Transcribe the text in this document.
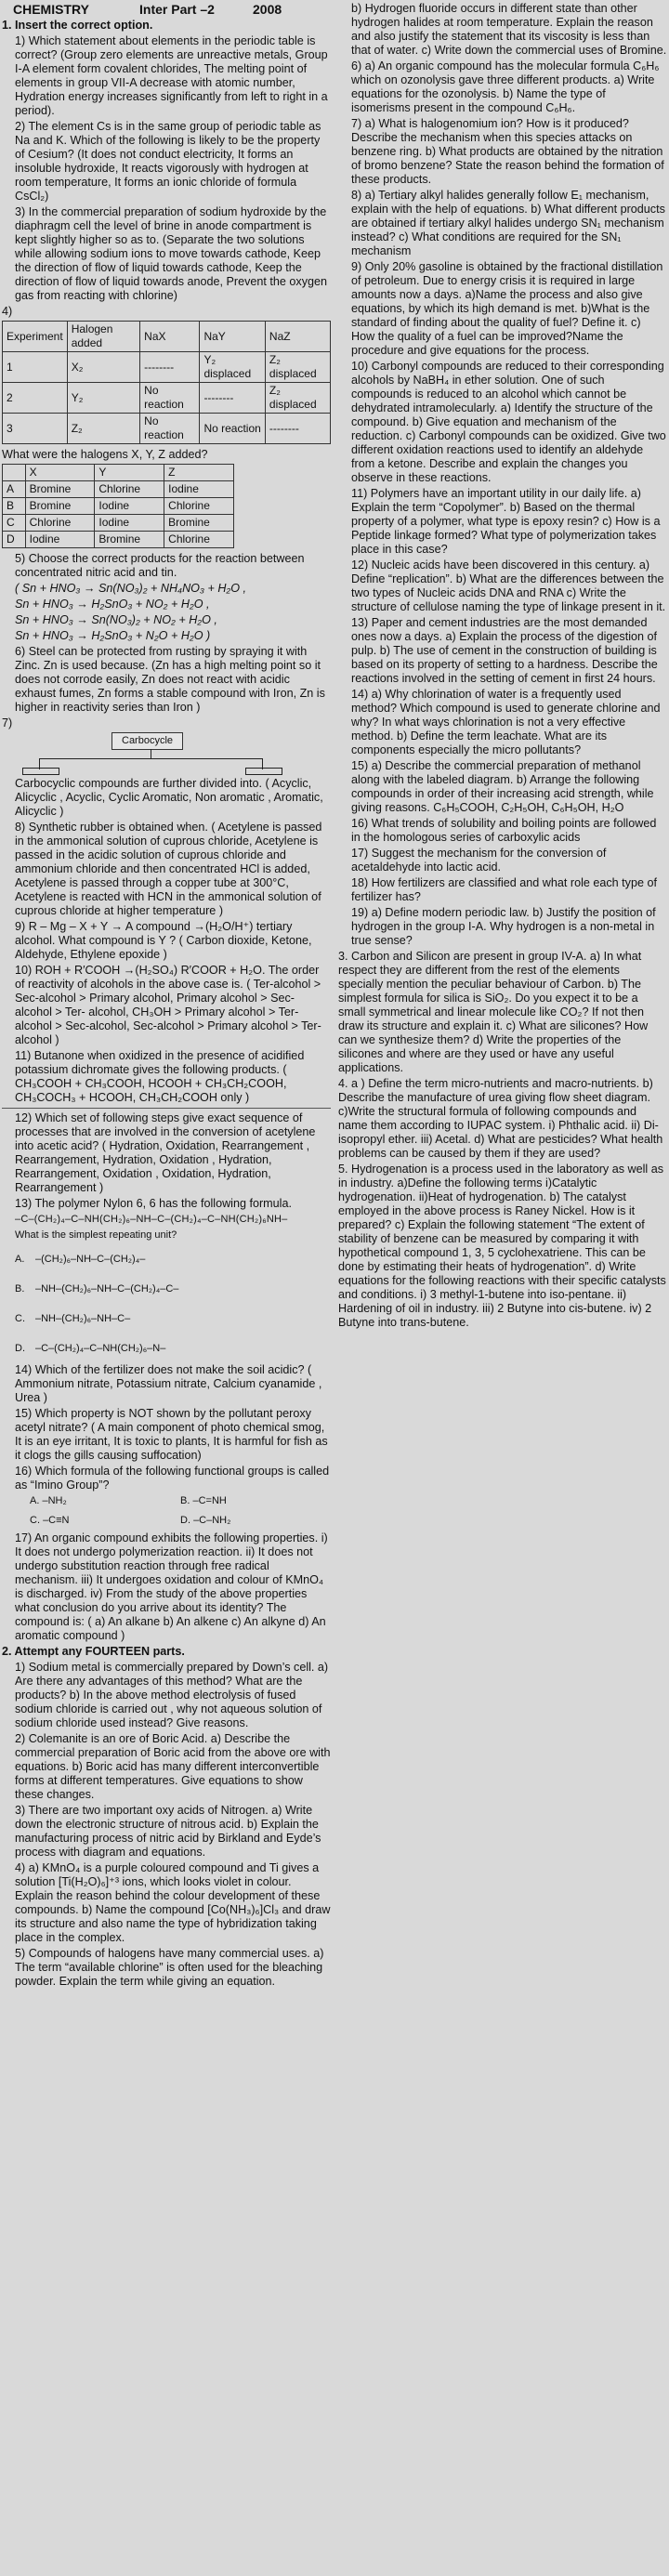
CHEMISTRY	Inter Part –2	2008
1. Insert the correct option.
1) Which statement about elements in the periodic table is correct? (Group zero elements are unreactive metals, Group I-A element form covalent chlorides, The melting point of elements in group VII-A decrease with atomic number, Hydration energy increases significantly from left to right in a period).
2) The element Cs is in the same group of periodic table as Na and K. Which of the following is likely to be the property of Cesium? (It does not conduct electricity, It forms an insoluble hydroxide, It reacts vigorously with hydrogen at room temperature, It forms an ionic chloride of formula CsCl₂)
3) In the commercial preparation of sodium hydroxide by the diaphragm cell the level of brine in anode compartment is kept slightly higher so as to. (Separate the two solutions while allowing sodium ions to move towards cathode, Keep the direction of flow of liquid towards cathode, Keep the direction of flow of liquid towards anode, Prevent the oxygen gas from reacting with chlorine)
4)
Experiment	Halogen added	NaX	NaY	NaZ
1	X₂	--------	Y₂ displaced	Z₂ displaced
2	Y₂	No reaction	--------	Z₂ displaced
3	Z₂	No reaction	No reaction	--------
What were the halogens X, Y, Z added?
	X	Y	Z
A	Bromine	Chlorine	Iodine
B	Bromine	Iodine	Chlorine
C	Chlorine	Iodine	Bromine
D	Iodine	Bromine	Chlorine
5) Choose the correct products for the reaction between concentrated nitric acid and tin.
( Sn + HNO₃ → Sn(NO₃)₂ + NH₄NO₃ + H₂O ,
Sn + HNO₃ → H₂SnO₃ + NO₂ + H₂O ,
Sn + HNO₃ → Sn(NO₃)₂ + NO₂ + H₂O ,
Sn + HNO₃ → H₂SnO₃ + N₂O + H₂O )
6) Steel can be protected from rusting by spraying it with Zinc. Zn is used because. (Zn has a high melting point so it does not corrode easily, Zn does not react with acidic exhaust fumes, Zn forms a stable compound with Iron, Zn is higher in reactivity series than Iron )
7)
Carbocycle
Carbocyclic compounds are further divided into. ( Acyclic, Alicyclic , Acyclic, Cyclic Aromatic, Non aromatic , Aromatic, Alicyclic )
8) Synthetic rubber is obtained when. ( Acetylene is passed in the ammonical solution of cuprous chloride, Acetylene is passed in the acidic solution of cuprous chloride and ammonium chloride and then concentrated HCl is added, Acetylene is passed through a copper tube at 300°C, Acetylene is reacted with HCN in the ammonical solution of cuprous chloride at higher temperature )
9) R – Mg – X + Y → A compound →(H₂O/H⁺) tertiary alcohol. What compound is Y ? ( Carbon dioxide, Ketone, Aldehyde, Ethylene epoxide )
10) ROH + R′COOH →(H₂SO₄) R′COOR + H₂O. The order of reactivity of alcohols in the above case is. ( Ter-alcohol > Sec-alcohol > Primary alcohol, Primary alcohol > Sec-alcohol > Ter- alcohol, CH₃OH > Primary alcohol > Ter-alcohol > Sec-alcohol, Sec-alcohol > Primary alcohol > Ter-alcohol )
11) Butanone when oxidized in the presence of acidified potassium dichromate gives the following products. ( CH₃COOH + CH₃COOH, HCOOH + CH₃CH₂COOH, CH₃COCH₃ + HCOOH, CH₃CH₂COOH only )
12) Which set of following steps give exact sequence of processes that are involved in the conversion of acetylene into acetic acid? ( Hydration, Oxidation, Rearrangement , Rearrangement, Hydration, Oxidation , Hydration, Rearrangement, Oxidation , Oxidation, Hydration, Rearrangement )
13) The polymer Nylon 6, 6 has the following formula.
–C–(CH₂)₄–C–NH(CH₂)₆–NH–C–(CH₂)₄–C–NH(CH₂)₆NH–
What is the simplest repeating unit?
A.	–(CH₂)₆–NH–C–(CH₂)₄–
B.	–NH–(CH₂)₆–NH–C–(CH₂)₄–C–
C.	–NH–(CH₂)₆–NH–C–
D.	–C–(CH₂)₄–C–NH(CH₂)₆–N–
14) Which of the fertilizer does not make the soil acidic? ( Ammonium nitrate, Potassium nitrate, Calcium cyanamide , Urea )
15) Which property is NOT shown by the pollutant peroxy acetyl nitrate? ( A main component of photo chemical smog, It is an eye irritant, It is toxic to plants, It is harmful for fish as it clogs the gills causing suffocation)
16) Which formula of the following functional groups is called as “Imino Group”?
A. –NH₂	B. –C=NH
C. –C≡N	D. –C–NH₂
17) An organic compound exhibits the following properties. i) It does not undergo polymerization reaction. ii) It does not undergo substitution reaction through free radical mechanism. iii) It undergoes oxidation and colour of KMnO₄ is discharged. iv) From the study of the above properties what conclusion do you arrive about its identity? The compound is: ( a) An alkane b) An alkene c) An alkyne d) An aromatic compound )
2. Attempt any FOURTEEN parts.
1) Sodium metal is commercially prepared by Down’s cell. a) Are there any advantages of this method? What are the products? b) In the above method electrolysis of fused sodium chloride is carried out , why not aqueous solution of sodium chloride used instead? Give reasons.
2) Colemanite is an ore of Boric Acid. a) Describe the commercial preparation of Boric acid from the above ore with equations. b) Boric acid has many different interconvertible forms at different temperatures. Give equations to show these changes.
3) There are two important oxy acids of Nitrogen. a) Write down the electronic structure of nitrous acid. b) Explain the manufacturing process of nitric acid by Birkland and Eyde’s process with diagram and equations.
4) a) KMnO₄ is a purple coloured compound and Ti gives a solution [Ti(H₂O)₆]⁺³ ions, which looks violet in colour. Explain the reason behind the colour development of these compounds. b) Name the compound [Co(NH₃)₆]Cl₃ and draw its structure and also name the type of hybridization taking place in the complex.
5) Compounds of halogens have many commercial uses. a) The term “available chlorine” is often used for the bleaching powder. Explain the term while giving an equation.
b) Hydrogen fluoride occurs in different state than other hydrogen halides at room temperature. Explain the reason and also justify the statement that its viscosity is less than that of water. c) Write down the commercial uses of Bromine.
6) a) An organic compound has the molecular formula C₆H₆ which on ozonolysis gave three different products. a) Write equations for the ozonolysis. b) Name the type of isomerisms present in the compound C₆H₆.
7) a) What is halogenomium ion? How is it produced? Describe the mechanism when this species attacks on benzene ring. b) What products are obtained by the nitration of bromo benzene? State the reason behind the formation of these products.
8) a) Tertiary alkyl halides generally follow E₁ mechanism, explain with the help of equations. b) What different products are obtained if tertiary alkyl halides undergo SN₁ mechanism instead? c) What conditions are required for the SN₁ mechanism
9) Only 20% gasoline is obtained by the fractional distillation of petroleum. Due to energy crisis it is required in large amounts now a days. a)Name the process and also give equations, by which its high demand is met. b)What is the standard of finding about the quality of fuel? Define it. c) How the quality of a fuel can be improved?Name the procedure and give equations for the process.
10) Carbonyl compounds are reduced to their corresponding alcohols by NaBH₄ in ether solution. One of such compounds is reduced to an alcohol which cannot be dehydrated intramolecularly. a) Identify the structure of the compound. b) Give equation and mechanism of the reduction. c) Carbonyl compounds can be oxidized. Give two different oxidation reactions used to identify an aldehyde from a ketone. Describe and explain the changes you observe in these reactions.
11) Polymers have an important utility in our daily life. a) Explain the term “Copolymer”. b) Based on the thermal property of a polymer, what type is epoxy resin? c) How is a Peptide linkage formed? What type of polymerization takes place in this case?
12) Nucleic acids have been discovered in this century. a) Define “replication”. b) What are the differences between the two types of Nucleic acids DNA and RNA c) Write the structure of cellulose naming the type of linkage present in it.
13) Paper and cement industries are the most demanded ones now a days. a) Explain the process of the digestion of pulp. b) The use of cement in the construction of building is based on its property of setting to a hardness. Describe the reactions involved in the setting of cement in first 24 hours.
14) a) Why chlorination of water is a frequently used method? Which compound is used to generate chlorine and why? In what ways chlorination is not a very effective method. b) Define the term leachate. What are its components especially the micro pollutants?
15) a) Describe the commercial preparation of methanol along with the labeled diagram. b) Arrange the following compounds in order of their increasing acid strength, while giving reasons. C₆H₅COOH, C₂H₅OH, C₆H₅OH, H₂O
16) What trends of solubility and boiling points are followed in the homologous series of carboxylic acids
17) Suggest the mechanism for the conversion of acetaldehyde into lactic acid.
18) How fertilizers are classified and what role each type of fertilizer has?
19) a) Define modern periodic law. b) Justify the position of hydrogen in the group I-A. Why hydrogen is a non-metal in true sense?
3. Carbon and Silicon are present in group IV-A. a) In what respect they are different from the rest of the elements specially mention the peculiar behaviour of Carbon. b) The simplest formula for silica is SiO₂. Do you expect it to be a small symmetrical and linear molecule like CO₂? If not then draw its structure and explain it. c) What are silicones? How can we synthesize them? d) Write the properties of the silicones and where are they used or have any useful applications.
4. a ) Define the term micro-nutrients and macro-nutrients. b) Describe the manufacture of urea giving flow sheet diagram. c)Write the structural formula of following compounds and name them according to IUPAC system. i) Phthalic acid. ii) Di-isopropyl ether. iii) Acetal. d) What are pesticides? What health problems can be caused by them if they are used?
5. Hydrogenation is a process used in the laboratory as well as in industry. a)Define the following terms i)Catalytic hydrogenation. ii)Heat of hydrogenation. b) The catalyst employed in the above process is Raney Nickel. How is it prepared? c) Explain the following statement “The extent of stability of benzene can be measured by comparing it with hypothetical compound 1, 3, 5 cyclohexatriene. This can be done by estimating their heats of hydrogenation”. d) Write equations for the following reactions with their specific catalysts and conditions. i) 3 methyl-1-butene into iso-pentane. ii) Hardening of oil in industry. iii) 2 Butyne into cis-butene. iv) 2 Butyne into trans-butene.
